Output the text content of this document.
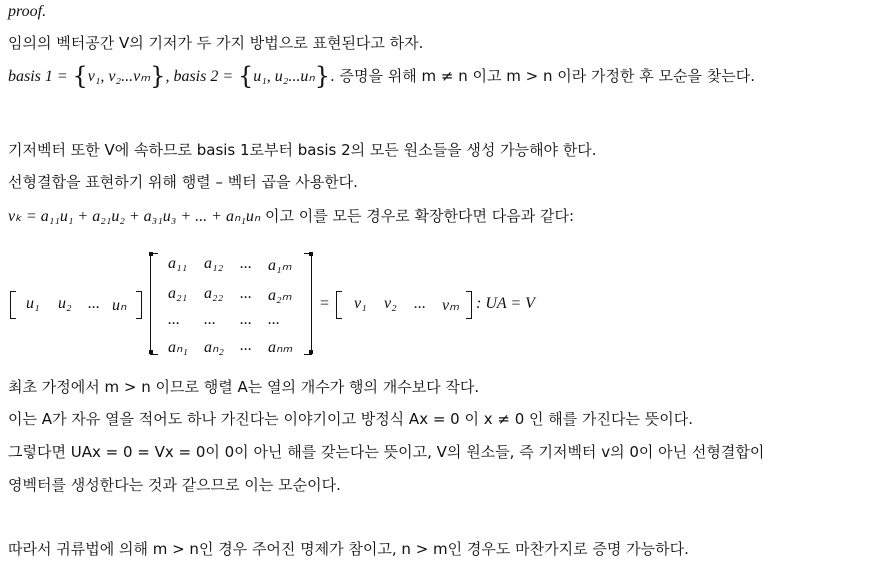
proof.
임의의 벡터공간 V의 기저가 두 가지 방법으로 표현된다고 하자.
basis 1 = {v₁, v₂...vₘ}, basis 2 = {u₁, u₂...uₙ}. 증명을 위해 m ≠ n 이고 m > n 이라 가정한 후 모순을 찾는다.
기저벡터 또한 V에 속하므로 basis 1로부터 basis 2의 모든 원소들을 생성 가능해야 한다.
선형결합을 표현하기 위해 행렬 – 벡터 곱을 사용한다.
vₖ = a₁₁u₁ + a₂₁u₂ + a₃₁u₃ + ... + aₙ₁uₙ 이고 이를 모든 경우로 확장한다면 다음과 같다:
u₁ u₂ ... uₙ
a₁₁ a₁₂ ... a₁ₘ
a₂₁ a₂₂ ... a₂ₘ
... ... ... ...
aₙ₁ aₙ₂ ... aₙₘ
= v₁ v₂ ... vₘ : UA = V
최초 가정에서 m > n 이므로 행렬 A는 열의 개수가 행의 개수보다 작다.
이는 A가 자유 열을 적어도 하나 가진다는 이야기이고 방정식 Ax = 0 이 x ≠ 0 인 해를 가진다는 뜻이다.
그렇다면 UAx = 0 = Vx = 0이 0이 아닌 해를 갖는다는 뜻이고, V의 원소들, 즉 기저벡터 v의 0이 아닌 선형결합이
영벡터를 생성한다는 것과 같으므로 이는 모순이다.
따라서 귀류법에 의해 m > n인 경우 주어진 명제가 참이고, n > m인 경우도 마찬가지로 증명 가능하다.
